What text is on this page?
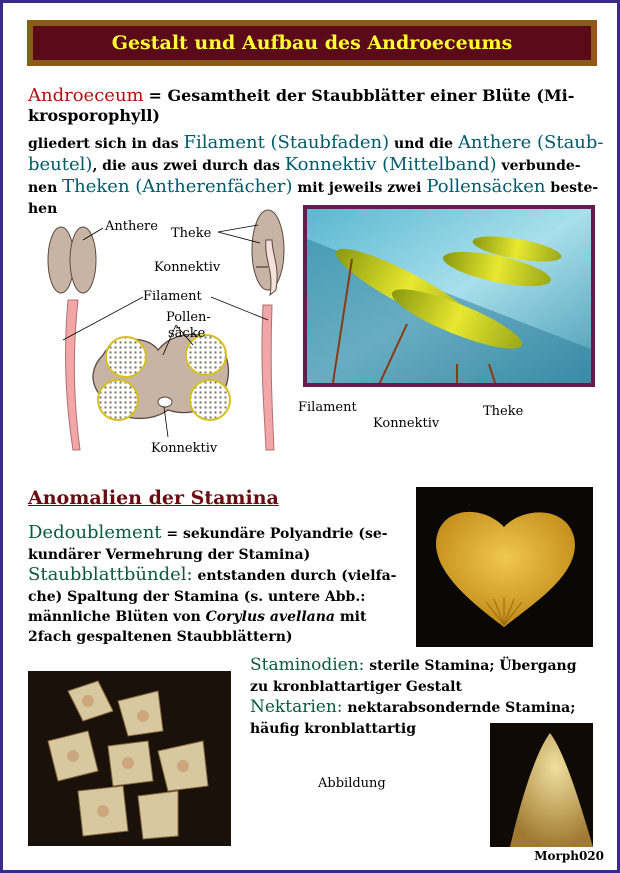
Gestalt und Aufbau des Androeceums
Androeceum = Gesamtheit der Staubblätter einer Blüte (Mi-
krosporophyll)
gliedert sich in das Filament (Staubfaden) und die Anthere (Staub-
beutel), die aus zwei durch das Konnektiv (Mittelband) verbunde-
nen Theken (Antherenfächer) mit jeweils zwei Pollensäcken beste-
hen
Anthere Theke
Konnektiv
Filament
Pollen-
säcke
Konnektiv
Filament
Konnektiv
Theke
Anomalien der Stamina
Dedoublement = sekundäre Polyandrie (se-
kundärer Vermehrung der Stamina)
Staubblattbündel: entstanden durch (vielfa-
che) Spaltung der Stamina (s. untere Abb.:
männliche Blüten von Corylus avellana mit
2fach gespaltenen Staubblättern)
Staminodien: sterile Stamina; Übergang
zu kronblattartiger Gestalt
Nektarien: nektarabsondernde Stamina;
häufig kronblattartig
Abbildung
Morph020
